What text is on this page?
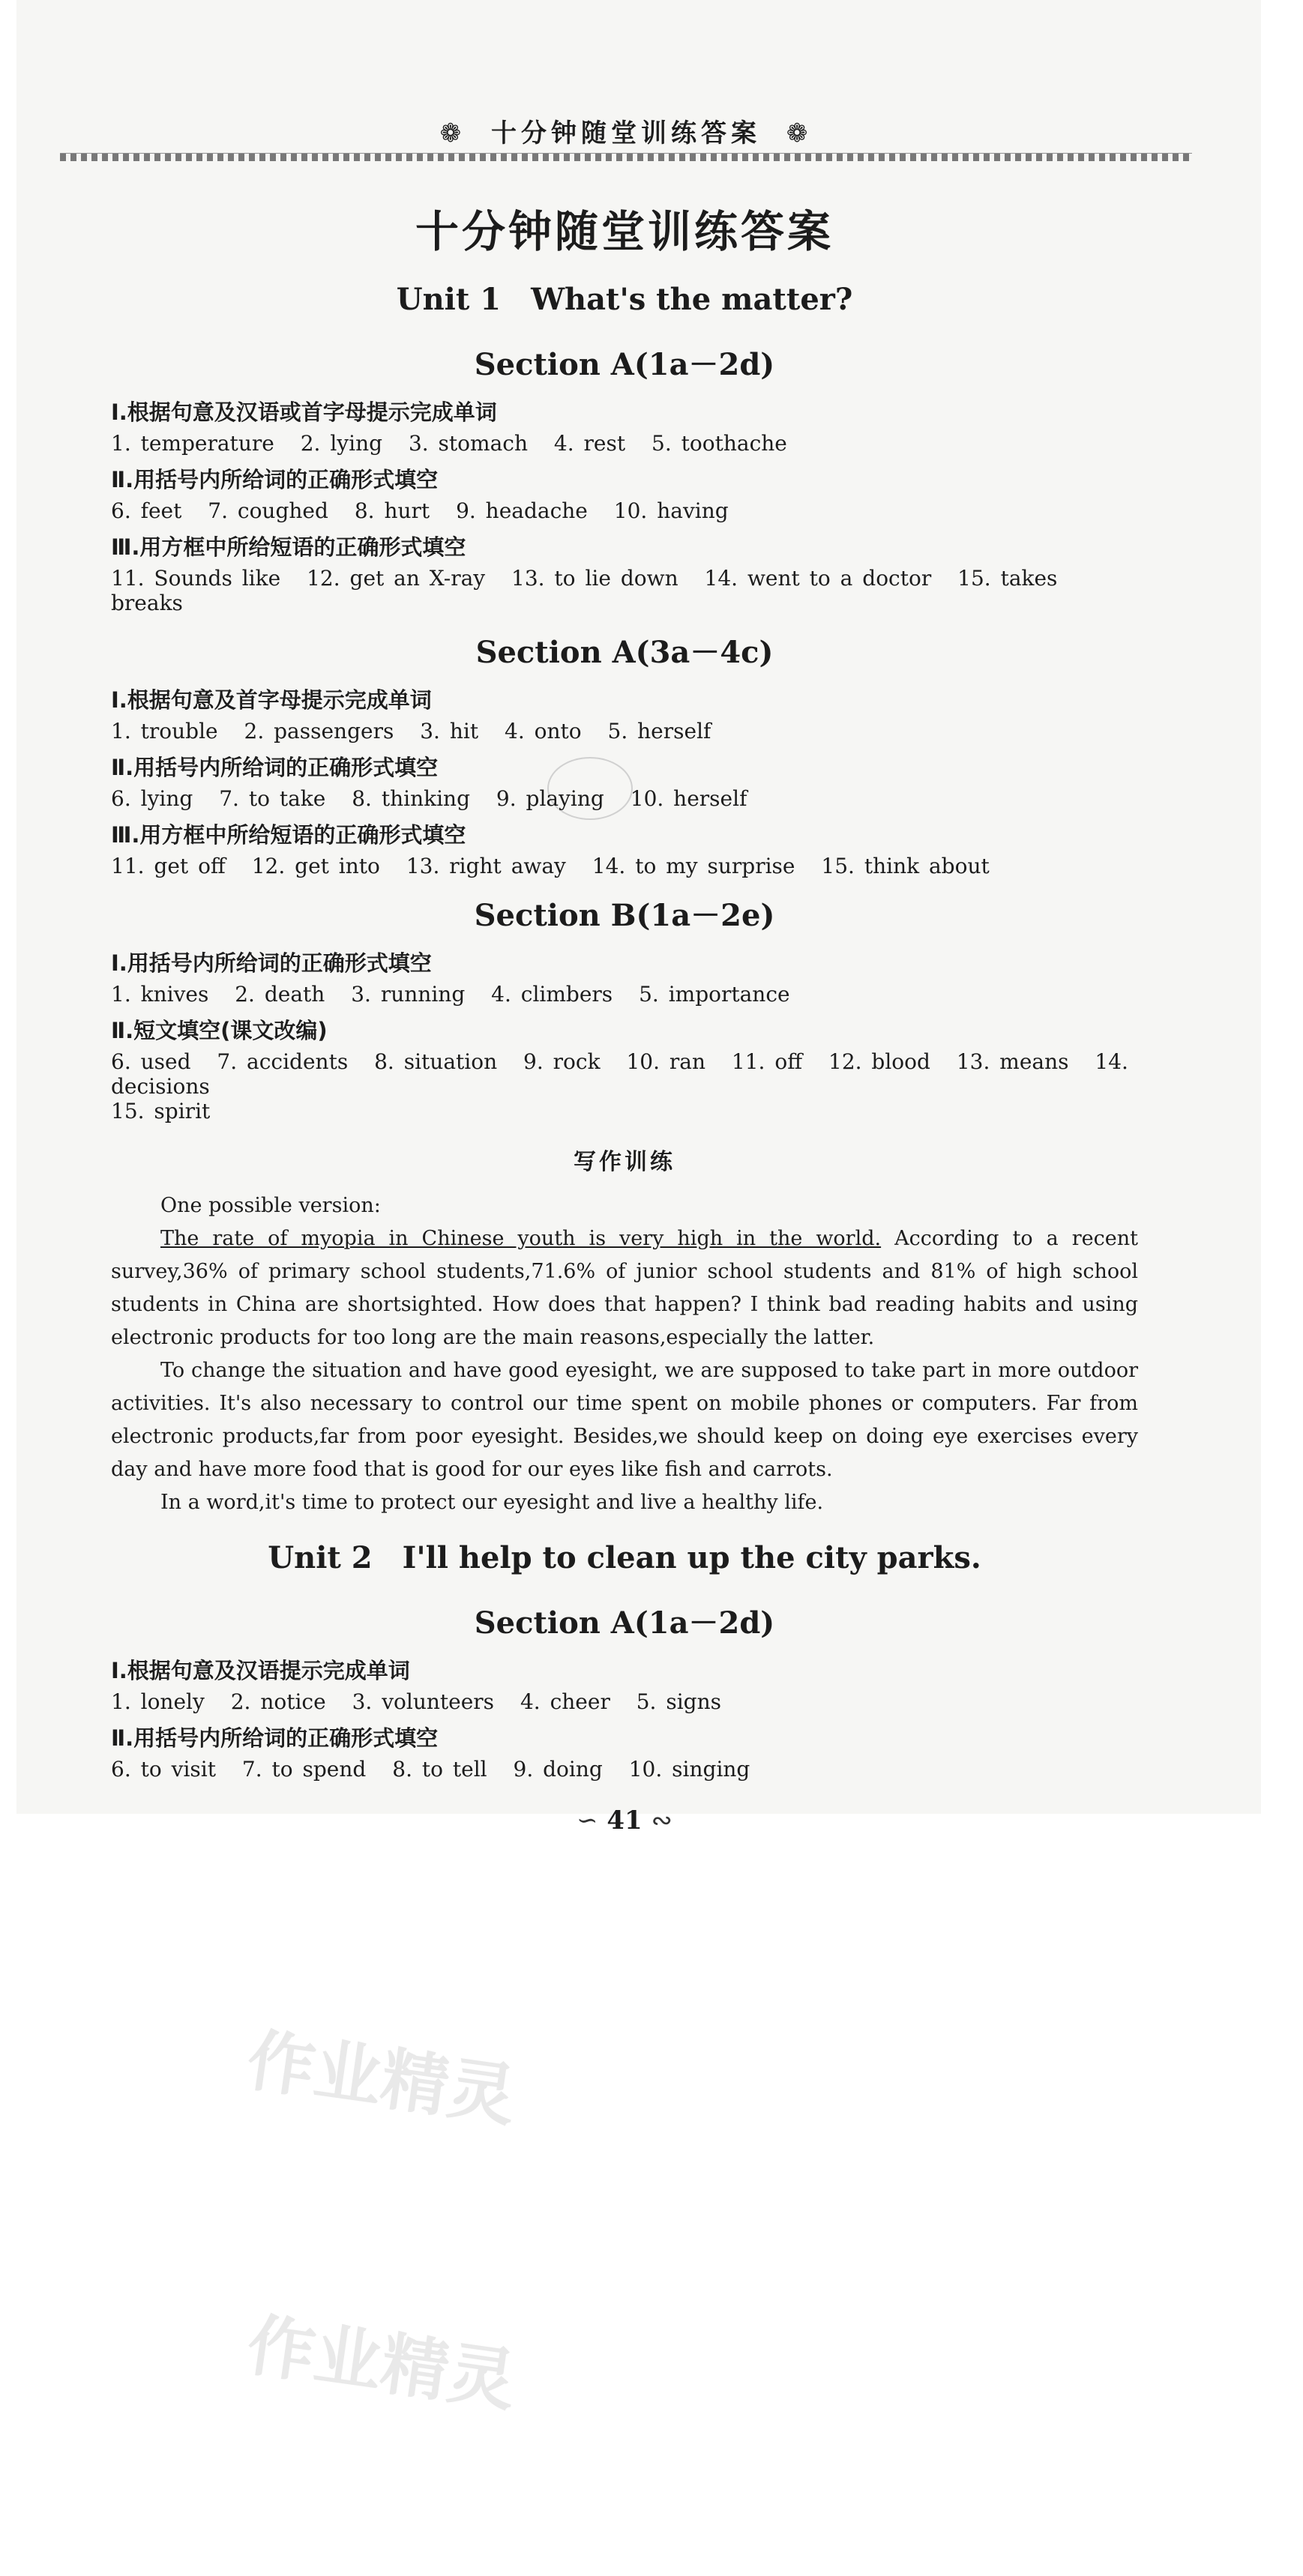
❁ 十分钟随堂训练答案 ❁
十分钟随堂训练答案
Unit 1　What's the matter?
Section A(1a－2d)
Ⅰ.根据句意及汉语或首字母提示完成单词
1. temperature 2. lying 3. stomach 4. rest 5. toothache
Ⅱ.用括号内所给词的正确形式填空
6. feet 7. coughed 8. hurt 9. headache 10. having
Ⅲ.用方框中所给短语的正确形式填空
11. Sounds like 12. get an X-ray 13. to lie down 14. went to a doctor 15. takes breaks
Section A(3a－4c)
Ⅰ.根据句意及首字母提示完成单词
1. trouble 2. passengers 3. hit 4. onto 5. herself
Ⅱ.用括号内所给词的正确形式填空
6. lying 7. to take 8. thinking 9. playing 10. herself
Ⅲ.用方框中所给短语的正确形式填空
11. get off 12. get into 13. right away 14. to my surprise 15. think about
Section B(1a－2e)
Ⅰ.用括号内所给词的正确形式填空
1. knives 2. death 3. running 4. climbers 5. importance
Ⅱ.短文填空(课文改编)
6. used 7. accidents 8. situation 9. rock 10. ran 11. off 12. blood 13. means 14. decisions
15. spirit
写作训练

One possible version:

The rate of myopia in Chinese youth is very high in the world. According to a recent survey,36% of primary school students,71.6% of junior school students and 81% of high school students in China are shortsighted. How does that happen? I think bad reading habits and using electronic products for too long are the main reasons,especially the latter.

To change the situation and have good eyesight, we are supposed to take part in more outdoor activities. It's also necessary to control our time spent on mobile phones or computers. Far from electronic products,far from poor eyesight. Besides,we should keep on doing eye exercises every day and have more food that is good for our eyes like fish and carrots.

In a word,it's time to protect our eyesight and live a healthy life.

Unit 2　I'll help to clean up the city parks.
Section A(1a－2d)
Ⅰ.根据句意及汉语提示完成单词
1. lonely 2. notice 3. volunteers 4. cheer 5. signs
Ⅱ.用括号内所给词的正确形式填空
6. to visit 7. to spend 8. to tell 9. doing 10. singing
∽ 41 ∾
作业精灵
作业精灵
